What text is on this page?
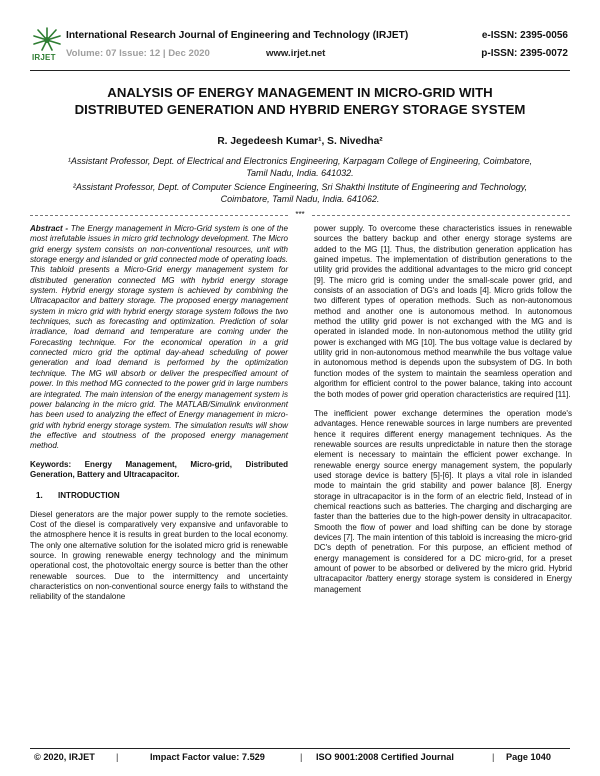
IRJET
International Research Journal of Engineering and Technology (IRJET)
Volume: 07 Issue: 12 | Dec 2020	www.irjet.net
e-ISSN: 2395-0056
p-ISSN: 2395-0072
ANALYSIS OF ENERGY MANAGEMENT IN MICRO-GRID WITH
DISTRIBUTED GENERATION AND HYBRID ENERGY STORAGE SYSTEM
R. Jegedeesh Kumar¹, S. Nivedha²
¹Assistant Professor, Dept. of Electrical and Electronics Engineering, Karpagam College of Engineering, Coimbatore,
Tamil Nadu, India. 641032.
²Assistant Professor, Dept. of Computer Science Engineering, Sri Shakthi Institute of Engineering and Technology,
Coimbatore, Tamil Nadu, India. 641062.
***

Abstract - The Energy management in Micro-Grid system is one of the most irrefutable issues in micro grid technology development. The Micro grid energy system consists on non-conventional resources, unit with storage energy and islanded or grid connected mode of operating loads. This tabloid presents a Micro-Grid energy management system for distributed generation connected MG with hybrid energy storage system. Hybrid energy storage system is achieved by combining the Ultracapacitor and battery storage. The proposed energy management system in micro grid with hybrid energy storage system follows the two techniques, such as forecasting and optimization. Prediction of solar irradiance, load demand and temperature are coming under the Forecasting technique. For the economical operation in a grid connected micro grid the optimal day-ahead scheduling of power generation and load demand is performed by the optimization technique. The MG will absorb or deliver the prespecified amount of power. In this method MG connected to the power grid in large numbers are integrated. The main intension of the energy management system is power balancing in the micro grid. The MATLAB/Simulink environment has been used to analyzing the effect of Energy management in micro-grid with hybrid energy storage system. The simulation results will show the effective and stoutness of the proposed energy management method.

Keywords: Energy Management, Micro-grid, Distributed Generation, Battery and Ultracapacitor.

1. INTRODUCTION

Diesel generators are the major power supply to the remote societies. Cost of the diesel is comparatively very expansive and unfavorable to the atmosphere hence it is results in great burden to the local economy. The only one alternative solution for the isolated micro grid is renewable source. In growing renewable energy technology and the minimum operational cost, the photovoltaic energy source is better than the other renewable sources. Due to the intermittency and uncertainty characteristics on non-conventional source energy fails to withstand the reliability of the standalone

power supply. To overcome these characteristics issues in renewable sources the battery backup and other energy storage systems are added to the MG [1]. Thus, the distribution generation application has gained impetus. The implementation of distribution generations to the utility grid provides the additional advantages to the micro grid concept [9]. The micro grid is coming under the small-scale power grid, and consists of an association of DG's and loads [4]. Micro grids follow the two different types of operation methods. Such as non-autonomous method and another one is autonomous method. In autonomous method the utility grid power is not exchanged with the MG and is operated in islanded mode. In non-autonomous method the utility grid power is exchanged with MG [10]. The bus voltage value is declared by utility grid in non-autonomous method meanwhile the bus voltage value in autonomous method is depends upon the subsystem of DG. In both function modes of the system to maintain the seamless operation and algorithm for efficient control to the power balance, taking into account the both modes of power grid operation characteristics are required [11].

The inefficient power exchange determines the operation mode's advantages. Hence renewable sources in large numbers are prevented hence it requires different energy management techniques. As the renewable sources are results unpredictable in nature then the storage element is necessary to maintain the efficient power exchange. In renewable energy source energy management system, the popularly used storage device is battery [5]-[6]. It plays a vital role in islanded mode to maintain the grid stability and power balance [8]. Energy storage in ultracapacitor is in the form of an electric field, Instead of in chemical reactions such as batteries. The charging and discharging are faster than the batteries due to the high-power density in ultracapacitor. Smooth the flow of power and load shifting can be done by storage devices [7]. The main intention of this tabloid is increasing the micro-grid DC's depth of penetration. For this purpose, an efficient method of energy management is considered for a DC micro-grid, for a preset amount of power to be absorbed or delivered by the micro grid. Hybrid ultracapacitor /battery energy storage system is considered in Energy management

© 2020, IRJET |	Impact Factor value: 7.529	| ISO 9001:2008 Certified Journal	| Page 1040
